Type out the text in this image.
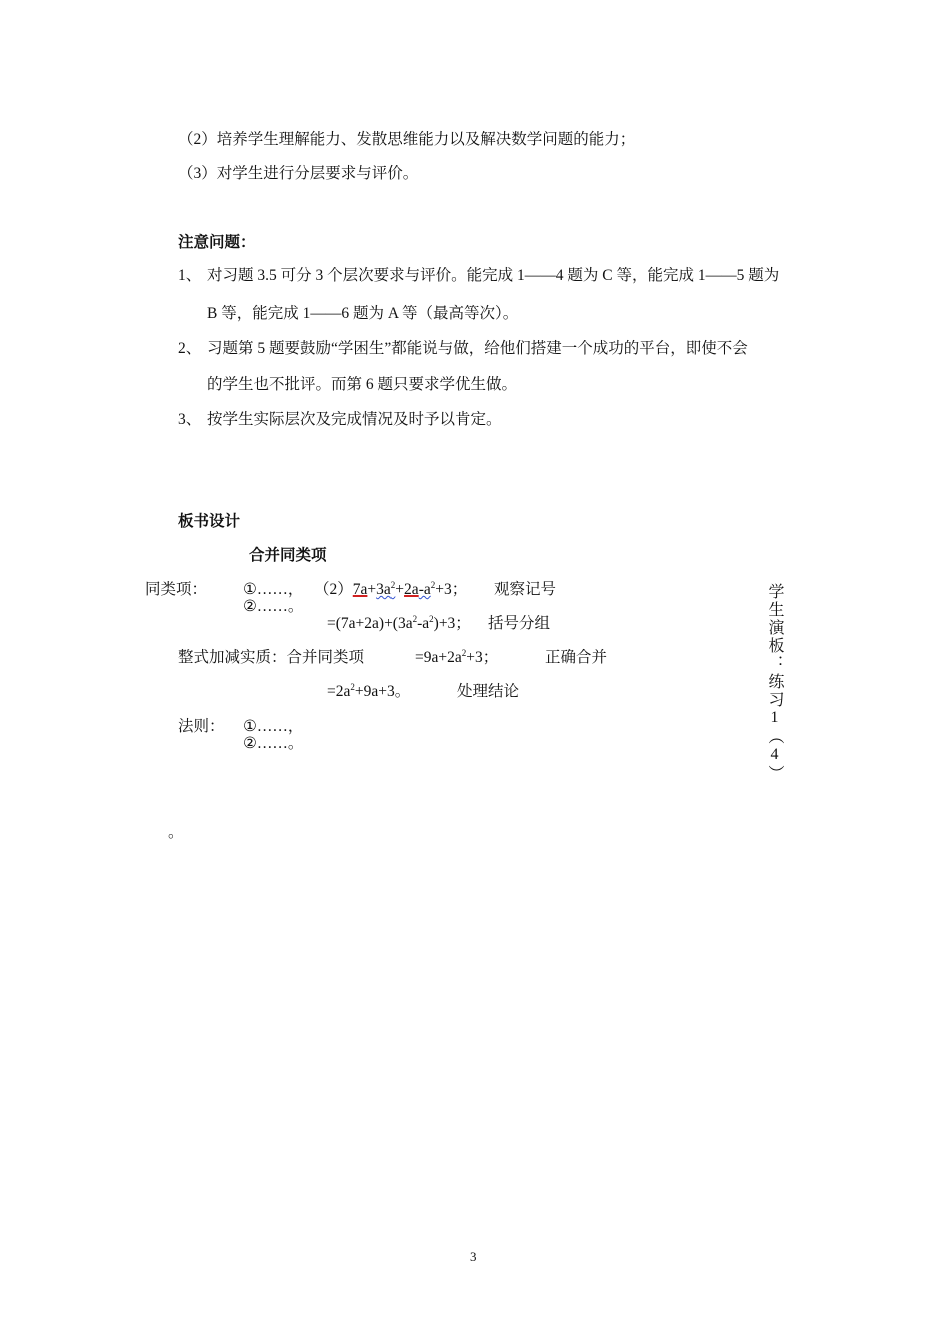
（2）培养学生理解能力、发散思维能力以及解决数学问题的能力；
（3）对学生进行分层要求与评价。
注意问题：
1、 对习题 3.5 可分 3 个层次要求与评价。能完成 1——4 题为 C 等，能完成 1——5 题为
B 等，能完成 1——6 题为 A 等（最高等次）。
2、 习题第 5 题要鼓励“学困生”都能说与做，给他们搭建一个成功的平台，即使不会
的学生也不批评。而第 6 题只要求学优生做。
3、 按学生实际层次及完成情况及时予以肯定。
板书设计
合并同类项
同类项： ①……，
②……。
$(2)7a+3a^2+2a-a^2+3$； 观察记号
$=(7a+2a)+(3a^2-a^2)+3$； 括号分组
整式加减实质：合并同类项	$=9a+2a^2+3$；	正确合并
$=2a^2+9a+3$。	处理结论
法则： ①……，
②……。	学生演板：练习1（4）
。
3
